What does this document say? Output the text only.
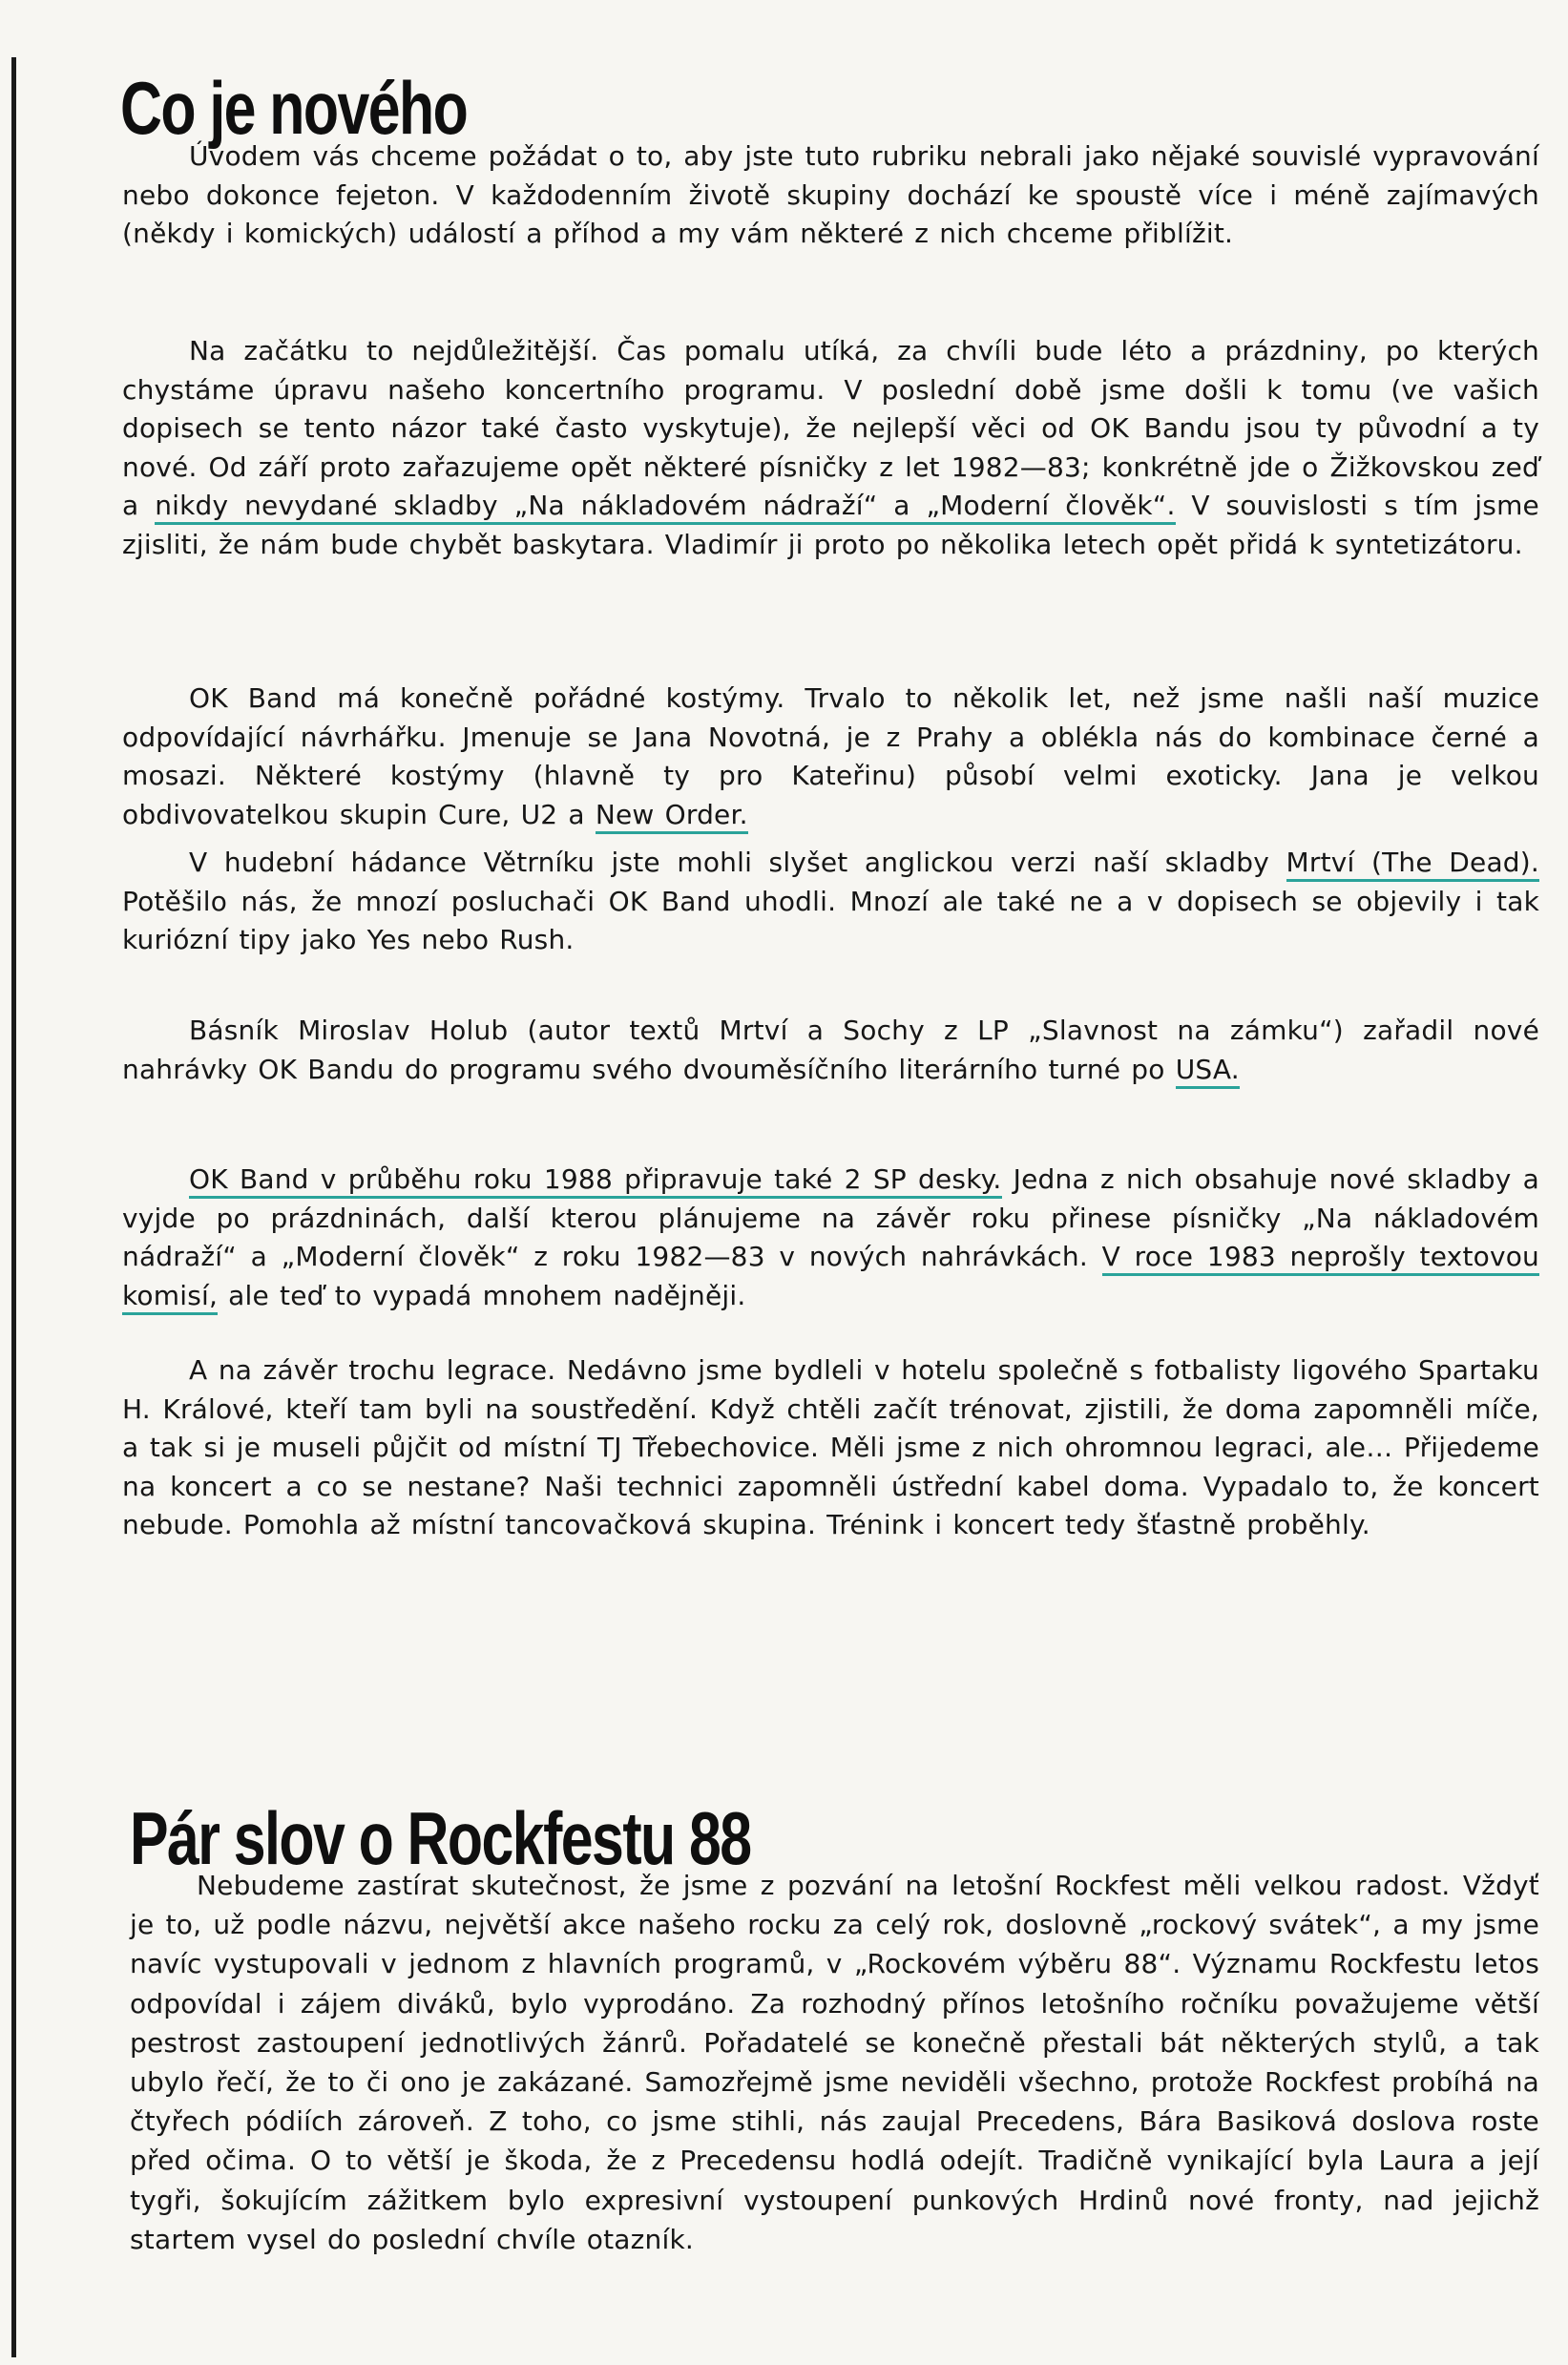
Co je nového

Úvodem vás chceme požádat o to, aby jste tuto rubriku nebrali jako nějaké souvislé vypravování nebo dokonce fejeton. V každodenním životě skupiny dochází ke spoustě více i méně zajímavých (někdy i komických) událostí a příhod a my vám některé z nich chceme přiblížit.

Na začátku to nejdůležitější. Čas pomalu utíká, za chvíli bude léto a prázdniny, po kterých chystáme úpravu našeho koncertního programu. V poslední době jsme došli k tomu (ve vašich dopisech se tento názor také často vyskytuje), že nejlepší věci od OK Bandu jsou ty původní a ty nové. Od září proto zařazujeme opět některé písničky z let 1982—83; konkrétně jde o Žižkovskou zeď a nikdy nevydané skladby „Na nákladovém nádraží“ a „Moderní člověk“. V souvislosti s tím jsme zjisliti, že nám bude chybět baskytara. Vladimír ji proto po několika letech opět přidá k syntetizátoru.

OK Band má konečně pořádné kostýmy. Trvalo to několik let, než jsme našli naší muzice odpovídající návrhářku. Jmenuje se Jana Novotná, je z Prahy a oblékla nás do kombinace černé a mosazi. Některé kostýmy (hlavně ty pro Kateřinu) působí velmi exoticky. Jana je velkou obdivovatelkou skupin Cure, U2 a New Order.

V hudební hádance Větrníku jste mohli slyšet anglickou verzi naší skladby Mrtví (The Dead). Potěšilo nás, že mnozí posluchači OK Band uhodli. Mnozí ale také ne a v dopisech se objevily i tak kuriózní tipy jako Yes nebo Rush.

Básník Miroslav Holub (autor textů Mrtví a Sochy z LP „Slavnost na zámku“) zařadil nové nahrávky OK Bandu do programu svého dvouměsíčního literárního turné po USA.

OK Band v průběhu roku 1988 připravuje také 2 SP desky. Jedna z nich obsahuje nové skladby a vyjde po prázdninách, další kterou plánujeme na závěr roku přinese písničky „Na nákladovém nádraží“ a „Moderní člověk“ z roku 1982—83 v nových nahrávkách. V roce 1983 neprošly textovou komisí, ale teď to vypadá mnohem nadějněji.

A na závěr trochu legrace. Nedávno jsme bydleli v hotelu společně s fotbalisty ligového Spartaku H. Králové, kteří tam byli na soustředění. Když chtěli začít trénovat, zjistili, že doma zapomněli míče, a tak si je museli půjčit od místní TJ Třebechovice. Měli jsme z nich ohromnou legraci, ale… Přijedeme na koncert a co se nestane? Naši technici zapomněli ústřední kabel doma. Vypadalo to, že koncert nebude. Pomohla až místní tancovačková skupina. Trénink i koncert tedy šťastně proběhly.

Pár slov o Rockfestu 88

Nebudeme zastírat skutečnost, že jsme z pozvání na letošní Rockfest měli velkou radost. Vždyť je to, už podle názvu, největší akce našeho rocku za celý rok, doslovně „rockový svátek“, a my jsme navíc vystupovali v jednom z hlavních programů, v „Rockovém výběru 88“. Významu Rockfestu letos odpovídal i zájem diváků, bylo vyprodáno. Za rozhodný přínos letošního ročníku považujeme větší pestrost zastoupení jednotlivých žánrů. Pořadatelé se konečně přestali bát některých stylů, a tak ubylo řečí, že to či ono je zakázané. Samozřejmě jsme neviděli všechno, protože Rockfest probíhá na čtyřech pódiích zároveň. Z toho, co jsme stihli, nás zaujal Precedens, Bára Basiková doslova roste před očima. O to větší je škoda, že z Precedensu hodlá odejít. Tradičně vynikající byla Laura a její tygři, šokujícím zážitkem bylo expresivní vystoupení punkových Hrdinů nové fronty, nad jejichž startem vysel do poslední chvíle otazník.
